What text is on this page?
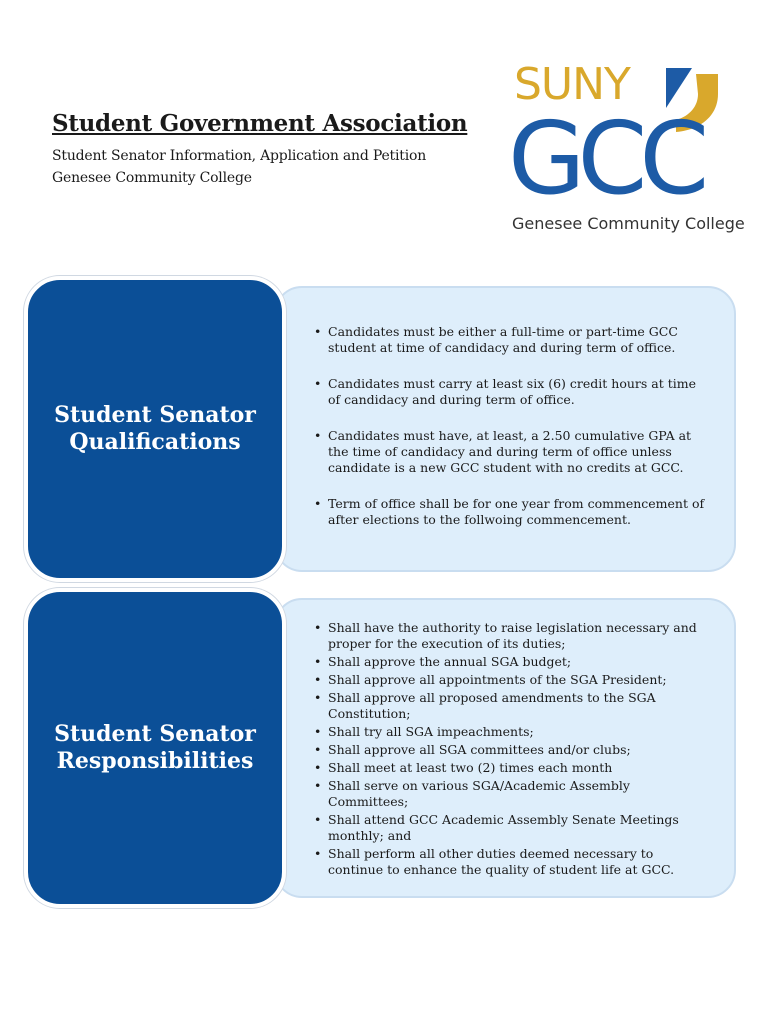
Student Government Association
Student Senator Information, Application and Petition
Genesee Community College
SUNY
GCC
Genesee Community College
• Candidates must be either a full-time or part-time GCC student at time of candidacy and during term of office.
• Candidates must carry at least six (6) credit hours at time of candidacy and during term of office.
• Candidates must have, at least, a 2.50 cumulative GPA at the time of candidacy and during term of office unless candidate is a new GCC student with no credits at GCC.
• Term of office shall be for one year from commencement of after elections to the follwoing commencement.
Student Senator Qualifications
• Shall have the authority to raise legislation necessary and proper for the execution of its duties;
• Shall approve the annual SGA budget;
• Shall approve all appointments of the SGA President;
• Shall approve all proposed amendments to the SGA Constitution;
• Shall try all SGA impeachments;
• Shall approve all SGA committees and/or clubs;
• Shall meet at least two (2) times each month
• Shall serve on various SGA/Academic Assembly Committees;
• Shall attend GCC Academic Assembly Senate Meetings monthly; and
• Shall perform all other duties deemed necessary to continue to enhance the quality of student life at GCC.
Student Senator Responsibilities
